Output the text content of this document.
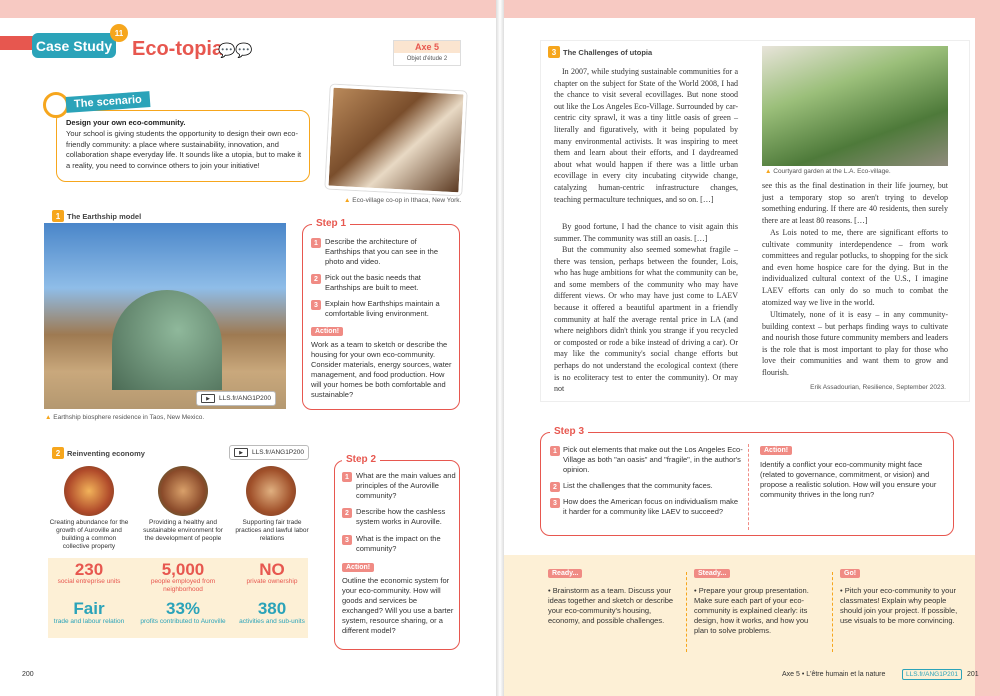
Case Study
11
Eco-topia
💬💬	Axe 5
Objet d'étude 2
The scenario
Design your own eco-community.
Your school is giving students the opportunity to design their own eco-friendly community: a place where sustainability, innovation, and collaboration shape everyday life. It sounds like a utopia, but to make it a reality, you need to convince others to join your initiative!
▲ Eco-village co-op in Ithaca, New York.
1 The Earthship model
▶	LLS.fr/ANG1P200
▲ Earthship biosphere residence in Taos, New Mexico.
Step 1
1 Describe the architecture of Earthships that you can see in the photo and video.
2 Pick out the basic needs that Earthships are built to meet.
3 Explain how Earthships maintain a comfortable living environment.
Action!
Work as a team to sketch or describe the housing for your own eco-community. Consider materials, energy sources, water management, and food production. How will your homes be both comfortable and sustainable?
2 Reinventing economy	▶	LLS.fr/ANG1P200
Creating abundance for the growth of Auroville and building a common collective property
Providing a healthy and sustainable environment for the development of people
Supporting fair trade practices and lawful labor relations
230
social entreprise units
5,000
people employed from neighborhood
NO
private ownership
Fair
trade and labour relation
33%
profits contributed to Auroville
380
activities and sub-units
Step 2
1 What are the main values and principles of the Auroville community?
2 Describe how the cashless system works in Auroville.
3 What is the impact on the community?
Action!
Outline the economic system for your eco-community. How will goods and services be exchanged? Will you use a barter system, resource sharing, or a different model?
3 The Challenges of utopia
In 2007, while studying sustainable communities for a chapter on the subject for State of the World 2008, I had the chance to visit several ecovillages. But none stood out like the Los Angeles Eco-Village. Surrounded by car-centric city sprawl, it was a tiny little oasis of green – literally and figuratively, with it being populated by many environmental activists. It was inspiring to meet them and learn about their efforts, and I daydreamed about what would happen if there was a little urban ecovillage in every city incubating citywide change, catalyzing human-centric infrastructure changes, teaching permaculture techniques, and so on. […]
By good fortune, I had the chance to visit again this summer. The community was still an oasis. […]
But the community also seemed somewhat fragile – there was tension, perhaps between the founder, Lois, who has huge ambitions for what the community can be, and some members of the community who may have different views. Or who may have just come to LAEV because it offered a beautiful apartment in a friendly community at half the average rental price in LA (and where neighbors didn't think you strange if you recycled or composted or rode a bike instead of driving a car). Or may like the community's social change efforts but perhaps do not understand the ecological context (there is no ecoliteracy test to enter the community). Or may not
▲ Courtyard garden at the L.A. Eco-village.
see this as the final destination in their life journey, but just a temporary stop so aren't trying to develop something enduring. If there are 40 residents, then surely there are at least 80 reasons. […]
As Lois noted to me, there are significant efforts to cultivate community interdependence – from work committees and regular potlucks, to shopping for the sick and even home hospice care for the dying. But in the individualized cultural context of the U.S., I imagine LAEV efforts can only do so much to combat the atomized way we live in the world.
Ultimately, none of it is easy – in any community-building context – but perhaps finding ways to cultivate and nourish those future community members and leaders is the role that is most important to play for those who love their communities and want them to grow and flourish.
Erik Assadourian, Resilience, September 2023.
Step 3
1 Pick out elements that make out the Los Angeles Eco-Village as both "an oasis" and "fragile", in the author's opinion.
2 List the challenges that the community faces.
3 How does the American focus on individualism make it harder for a community like LAEV to succeed?
Action!
Identify a conflict your eco-community might face (related to governance, commitment, or vision) and propose a realistic solution. How will you ensure your community thrives in the long run?
Ready...
• Brainstorm as a team. Discuss your ideas together and sketch or describe your eco-community's housing, economy, and possible challenges.
Steady...
• Prepare your group presentation. Make sure each part of your eco-community is explained clearly: its design, how it works, and how you plan to solve problems.
Go!
• Pitch your eco-community to your classmates! Explain why people should join your project. If possible, use visuals to be more convincing.
200	Axe 5 • L'être humain et la nature	LLS.fr/ANG1P201	201
